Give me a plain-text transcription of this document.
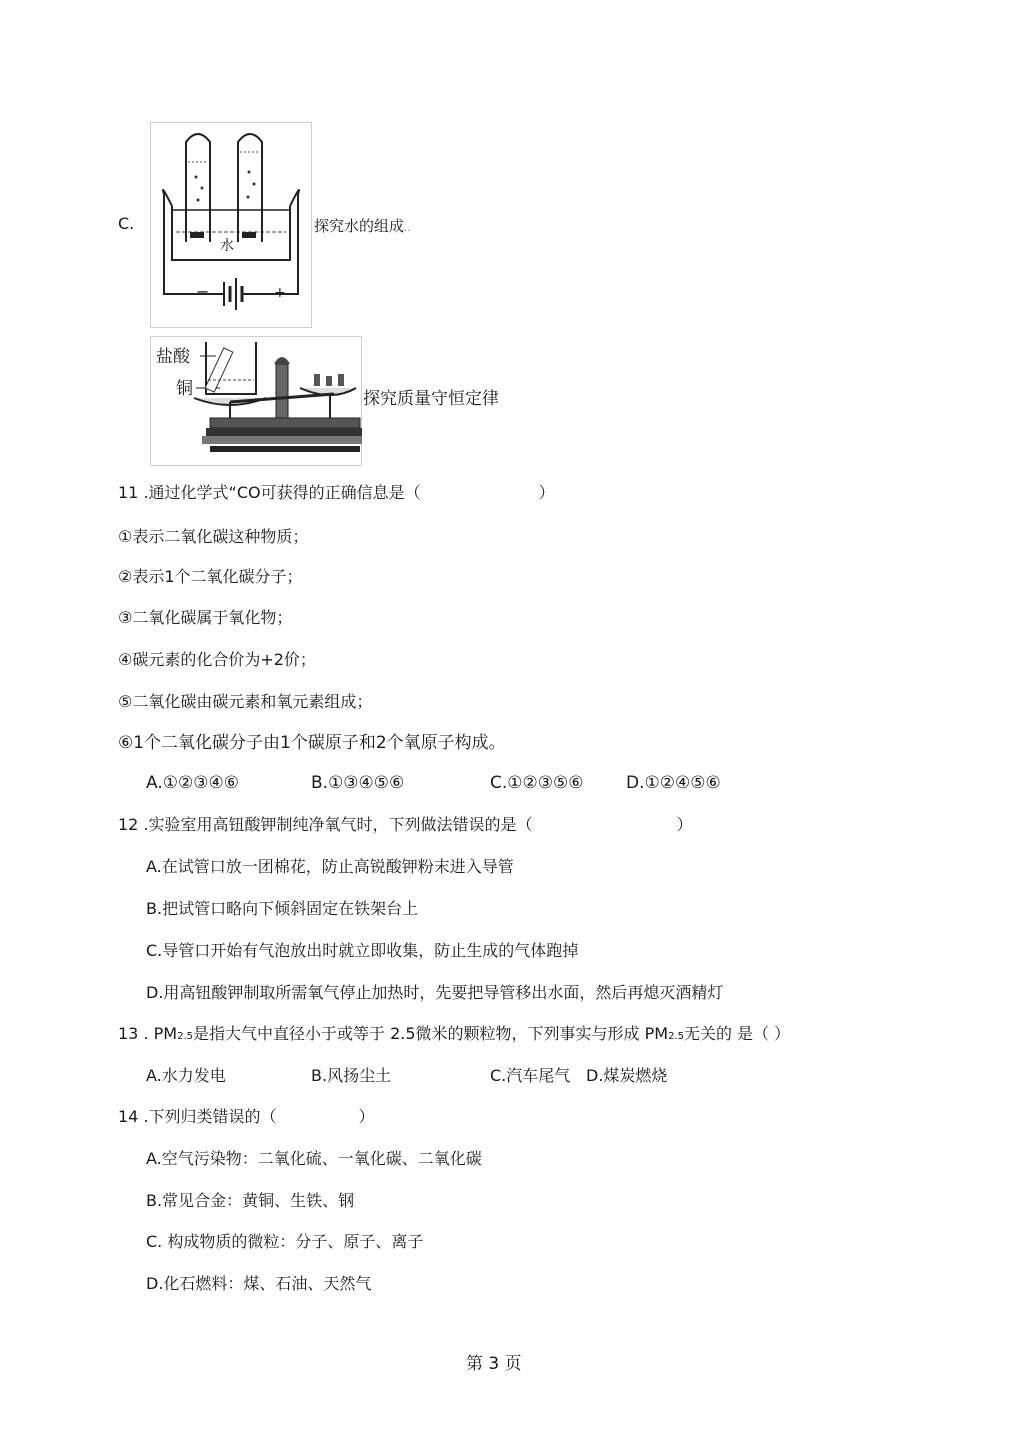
C.
水
−	+
探究水的组成..
盐酸
铜	探究质量守恒定律
11 .通过化学式“CO可获得的正确信息是（	）
①表示二氧化碳这种物质；
②表示1个二氧化碳分子；
③二氧化碳属于氧化物；
④碳元素的化合价为+2价；
⑤二氧化碳由碳元素和氧元素组成；
⑥1个二氧化碳分子由1个碳原子和2个氧原子构成。
A.①②③④⑥	B.①③④⑤⑥	C.①②③⑤⑥	D.①②④⑤⑥
12 .实验室用高钮酸钾制纯净氧气时，下列做法错误的是（	）
A.在试管口放一团棉花，防止高锐酸钾粉末进入导管
B.把试管口略向下倾斜固定在铁架台上
C.导管口开始有气泡放出时就立即收集，防止生成的气体跑掉
D.用高钮酸钾制取所需氧气停止加热时，先要把导管移出水面，然后再熄灭酒精灯
13 . PM2.5是指大气中直径小于或等于 2.5微米的颗粒物，下列事实与形成 PM2.5无关的 是（ ）
A.水力发电	B.风扬尘土	C.汽车尾气 D.煤炭燃烧
14 .下列归类错误的（	）
A.空气污染物：二氧化硫、一氧化碳、二氧化碳
B.常见合金：黄铜、生铁、钢
C. 构成物质的微粒：分子、原子、离子
D.化石燃料：煤、石油、天然气
第 3 页
